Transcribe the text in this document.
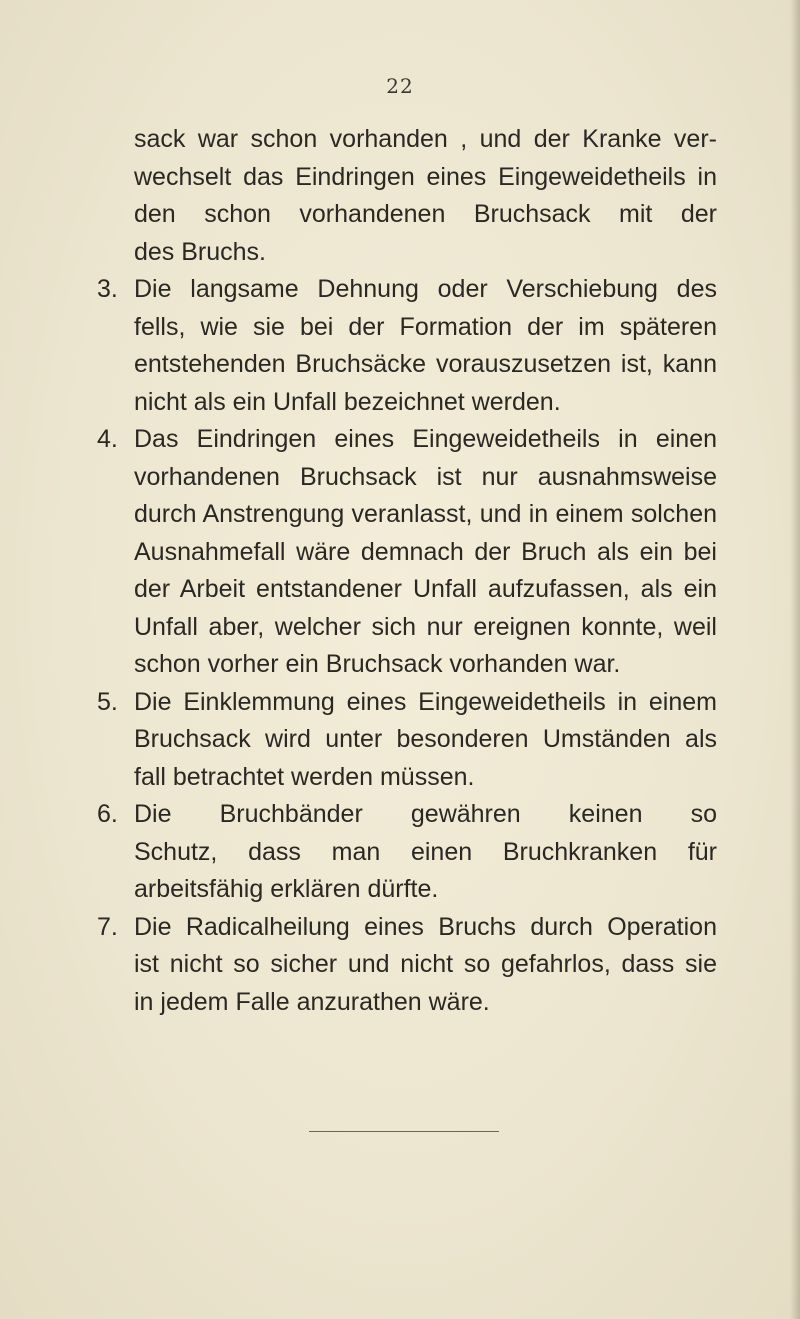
22
sack war schon vorhanden , und der Kranke ver-
wechselt das Eindringen eines Eingeweidetheils in
den schon vorhandenen Bruchsack mit der
des Bruchs.
3. Die langsame Dehnung oder Verschiebung des
fells, wie sie bei der Formation der im späteren
entstehenden Bruchsäcke vorauszusetzen ist, kann
nicht als ein Unfall bezeichnet werden.
4. Das Eindringen eines Eingeweidetheils in einen
vorhandenen Bruchsack ist nur ausnahmsweise
durch Anstrengung veranlasst, und in einem solchen
Ausnahmefall wäre demnach der Bruch als ein bei
der Arbeit entstandener Unfall aufzufassen, als ein
Unfall aber, welcher sich nur ereignen konnte, weil
schon vorher ein Bruchsack vorhanden war.
5. Die Einklemmung eines Eingeweidetheils in einem
Bruchsack wird unter besonderen Umständen als
fall betrachtet werden müssen.
6. Die Bruchbänder gewähren keinen so
Schutz, dass man einen Bruchkranken für
arbeitsfähig erklären dürfte.
7. Die Radicalheilung eines Bruchs durch Operation
ist nicht so sicher und nicht so gefahrlos, dass sie
in jedem Falle anzurathen wäre.
